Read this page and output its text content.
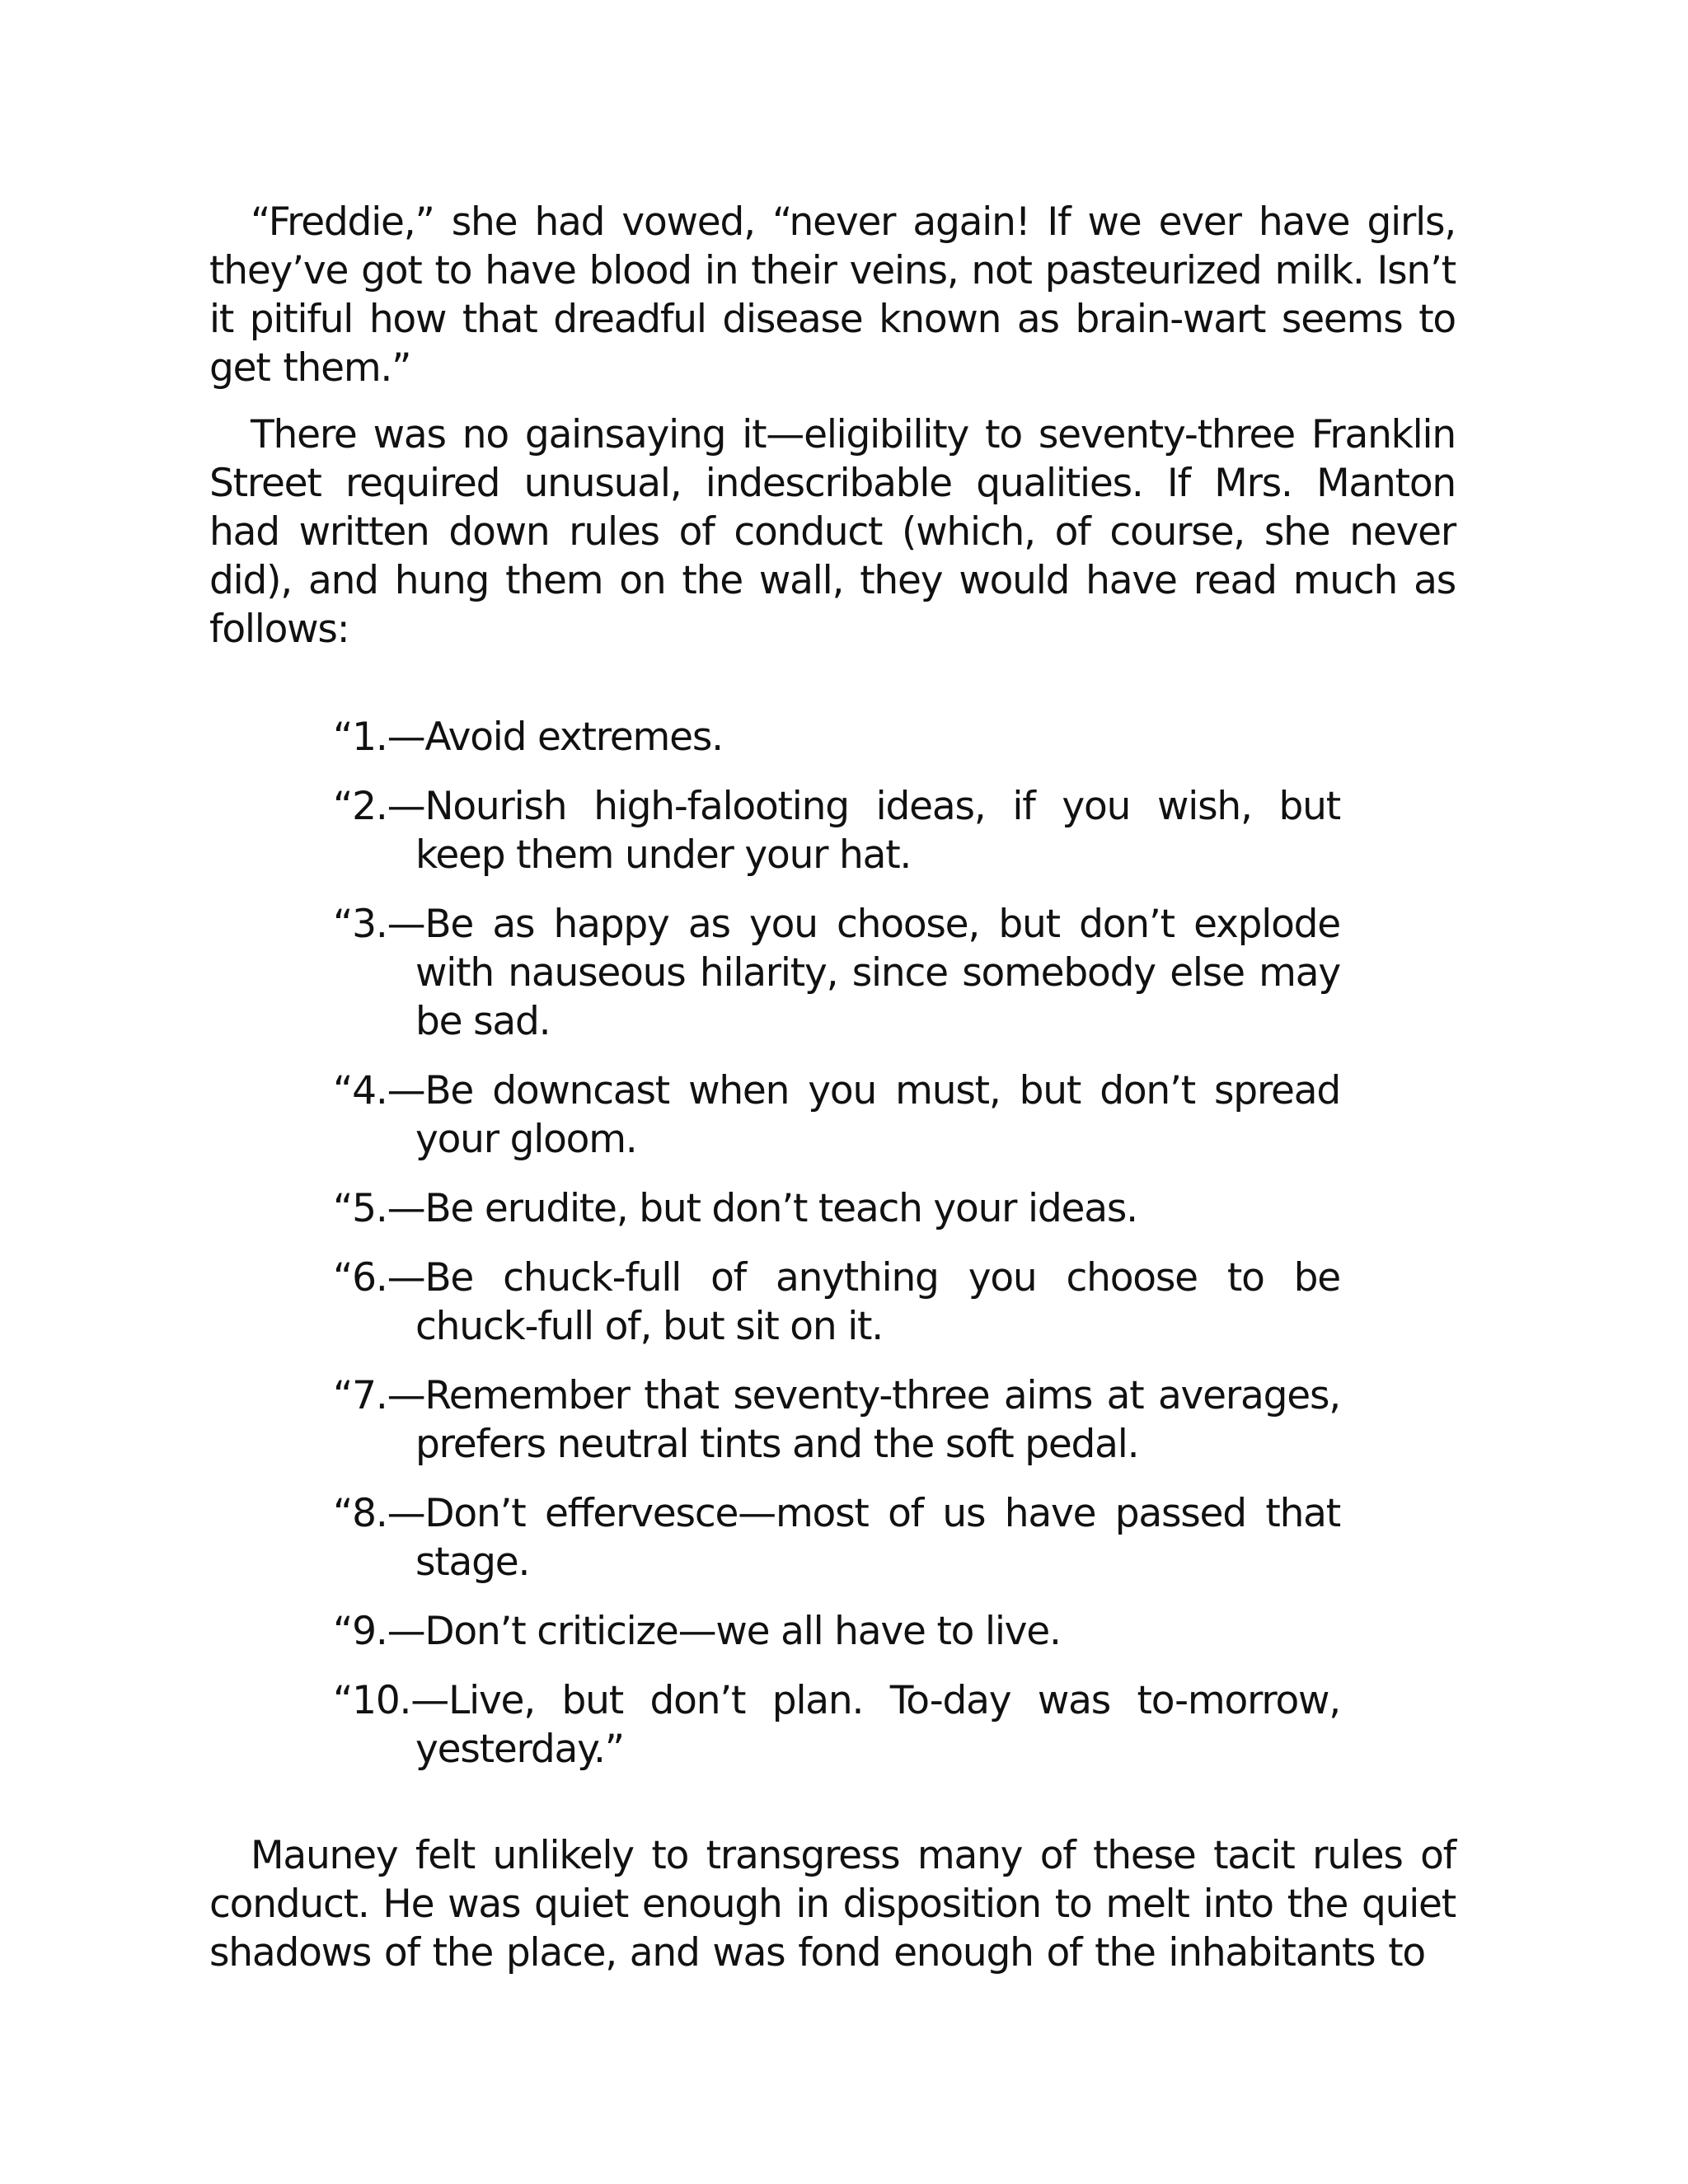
“Freddie,” she had vowed, “never again! If we ever have girls, they’ve got to have blood in their veins, not pasteurized milk. Isn’t it pitiful how that dreadful disease known as brain-wart seems to get them.”

There was no gainsaying it—eligibility to seventy-three Franklin Street required unusual, indescribable qualities. If Mrs. Manton had written down rules of conduct (which, of course, she never did), and hung them on the wall, they would have read much as follows:

“1.—Avoid extremes.
“2.—Nourish high-falooting ideas, if you wish, but keep them under your hat.
“3.—Be as happy as you choose, but don’t explode with nauseous hilarity, since somebody else may be sad.
“4.—Be downcast when you must, but don’t spread your gloom.
“5.—Be erudite, but don’t teach your ideas.
“6.—Be chuck-full of anything you choose to be chuck-full of, but sit on it.
“7.—Remember that seventy-three aims at averages, prefers neutral tints and the soft pedal.
“8.—Don’t effervesce—most of us have passed that stage.
“9.—Don’t criticize—we all have to live.
“10.—Live, but don’t plan. To-day was to-morrow, yesterday.”

Mauney felt unlikely to transgress many of these tacit rules of conduct. He was quiet enough in disposition to melt into the quiet shadows of the place, and was fond enough of the inhabitants to
